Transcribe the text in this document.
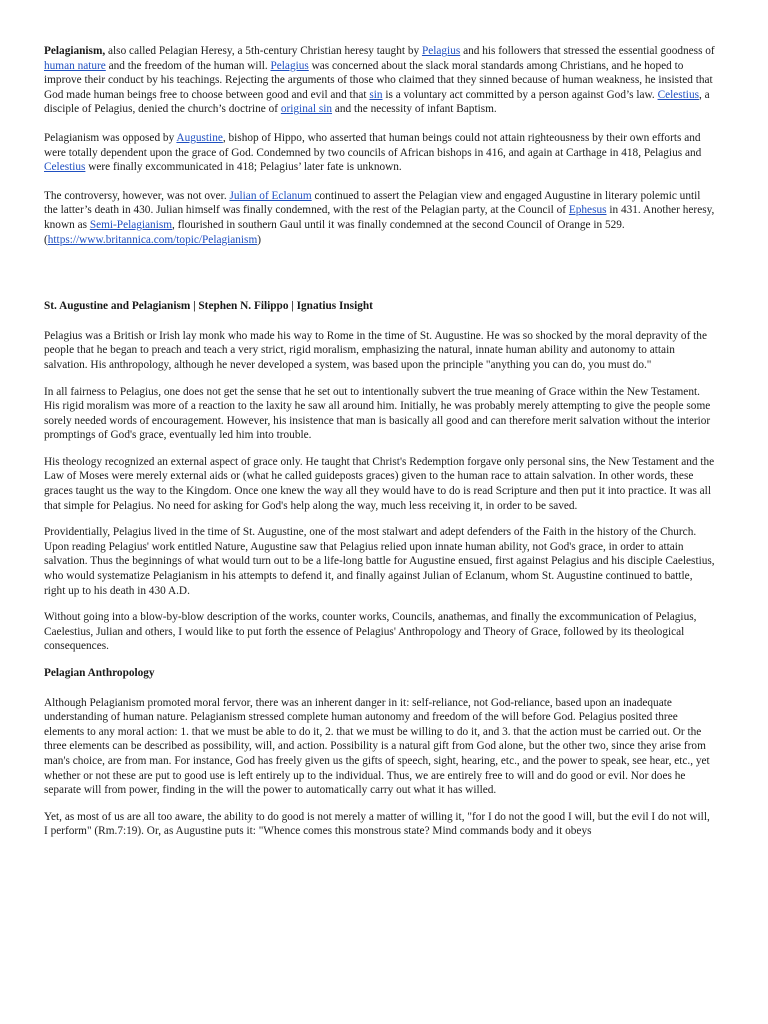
Pelagianism, also called Pelagian Heresy, a 5th-century Christian heresy taught by Pelagius and his followers that stressed the essential goodness of human nature and the freedom of the human will. Pelagius was concerned about the slack moral standards among Christians, and he hoped to improve their conduct by his teachings. Rejecting the arguments of those who claimed that they sinned because of human weakness, he insisted that God made human beings free to choose between good and evil and that sin is a voluntary act committed by a person against God’s law. Celestius, a disciple of Pelagius, denied the church’s doctrine of original sin and the necessity of infant Baptism.

Pelagianism was opposed by Augustine, bishop of Hippo, who asserted that human beings could not attain righteousness by their own efforts and were totally dependent upon the grace of God. Condemned by two councils of African bishops in 416, and again at Carthage in 418, Pelagius and Celestius were finally excommunicated in 418; Pelagius’ later fate is unknown.

The controversy, however, was not over. Julian of Eclanum continued to assert the Pelagian view and engaged Augustine in literary polemic until the latter’s death in 430. Julian himself was finally condemned, with the rest of the Pelagian party, at the Council of Ephesus in 431. Another heresy, known as Semi-Pelagianism, flourished in southern Gaul until it was finally condemned at the second Council of Orange in 529. (https://www.britannica.com/topic/Pelagianism)

St. Augustine and Pelagianism | Stephen N. Filippo | Ignatius Insight

Pelagius was a British or Irish lay monk who made his way to Rome in the time of St. Augustine. He was so shocked by the moral depravity of the people that he began to preach and teach a very strict, rigid moralism, emphasizing the natural, innate human ability and autonomy to attain salvation. His anthropology, although he never developed a system, was based upon the principle "anything you can do, you must do."

In all fairness to Pelagius, one does not get the sense that he set out to intentionally subvert the true meaning of Grace within the New Testament. His rigid moralism was more of a reaction to the laxity he saw all around him. Initially, he was probably merely attempting to give the people some sorely needed words of encouragement. However, his insistence that man is basically all good and can therefore merit salvation without the interior promptings of God's grace, eventually led him into trouble.

His theology recognized an external aspect of grace only. He taught that Christ's Redemption forgave only personal sins, the New Testament and the Law of Moses were merely external aids or (what he called guideposts graces) given to the human race to attain salvation. In other words, these graces taught us the way to the Kingdom. Once one knew the way all they would have to do is read Scripture and then put it into practice. It was all that simple for Pelagius. No need for asking for God's help along the way, much less receiving it, in order to be saved.

Providentially, Pelagius lived in the time of St. Augustine, one of the most stalwart and adept defenders of the Faith in the history of the Church. Upon reading Pelagius' work entitled Nature, Augustine saw that Pelagius relied upon innate human ability, not God's grace, in order to attain salvation. Thus the beginnings of what would turn out to be a life-long battle for Augustine ensued, first against Pelagius and his disciple Caelestius, who would systematize Pelagianism in his attempts to defend it, and finally against Julian of Eclanum, whom St. Augustine continued to battle, right up to his death in 430 A.D.

Without going into a blow-by-blow description of the works, counter works, Councils, anathemas, and finally the excommunication of Pelagius, Caelestius, Julian and others, I would like to put forth the essence of Pelagius' Anthropology and Theory of Grace, followed by its theological consequences.

Pelagian Anthropology

Although Pelagianism promoted moral fervor, there was an inherent danger in it: self-reliance, not God-reliance, based upon an inadequate understanding of human nature. Pelagianism stressed complete human autonomy and freedom of the will before God. Pelagius posited three elements to any moral action: 1. that we must be able to do it, 2. that we must be willing to do it, and 3. that the action must be carried out. Or the three elements can be described as possibility, will, and action. Possibility is a natural gift from God alone, but the other two, since they arise from man's choice, are from man. For instance, God has freely given us the gifts of speech, sight, hearing, etc., and the power to speak, see hear, etc., yet whether or not these are put to good use is left entirely up to the individual. Thus, we are entirely free to will and do good or evil. Nor does he separate will from power, finding in the will the power to automatically carry out what it has willed.

Yet, as most of us are all too aware, the ability to do good is not merely a matter of willing it, "for I do not the good I will, but the evil I do not will, I perform" (Rm.7:19). Or, as Augustine puts it: "Whence comes this monstrous state? Mind commands body and it obeys
